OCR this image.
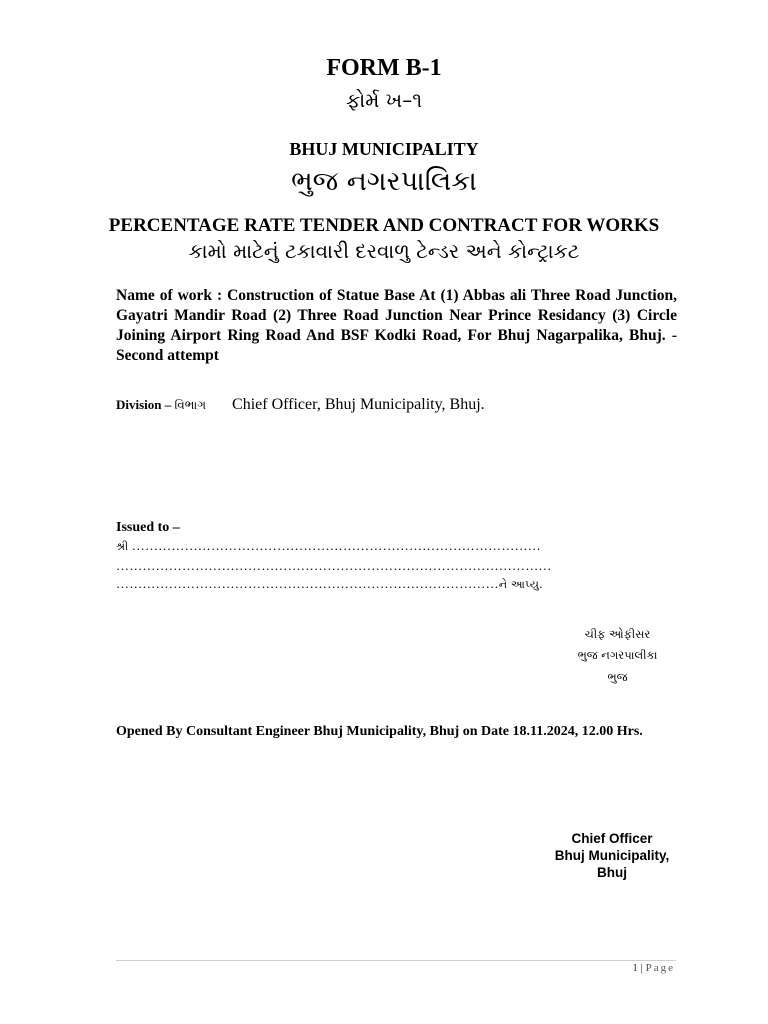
FORM B-1
ફોર્મ ખ–૧
BHUJ MUNICIPALITY
ભુજ નગરપાલિકા
PERCENTAGE RATE TENDER AND CONTRACT FOR WORKS
કામો માટેનું ટકાવારી દરવાળુ ટેન્ડર અને કોન્ટ્રાકટ
Name of work : Construction of Statue Base At (1) Abbas ali Three Road Junction, Gayatri Mandir Road (2) Three Road Junction Near Prince Residancy (3) Circle Joining Airport Ring Road And BSF Kodki Road, For Bhuj Nagarpalika, Bhuj. - Second attempt
Division – વિભાગ Chief Officer, Bhuj Municipality, Bhuj.
Issued to –
શ્રી …………………………………………………………………………………
………………………………………………………………………………………
……………………………………………………………………………ને આપ્યુ.
ચીફ ઓફીસર
ભુજ નગરપાલીકા
ભુજ
Opened By Consultant Engineer Bhuj Municipality, Bhuj on Date 18.11.2024, 12.00 Hrs.
Chief Officer
Bhuj Municipality,
Bhuj
1 | Page
